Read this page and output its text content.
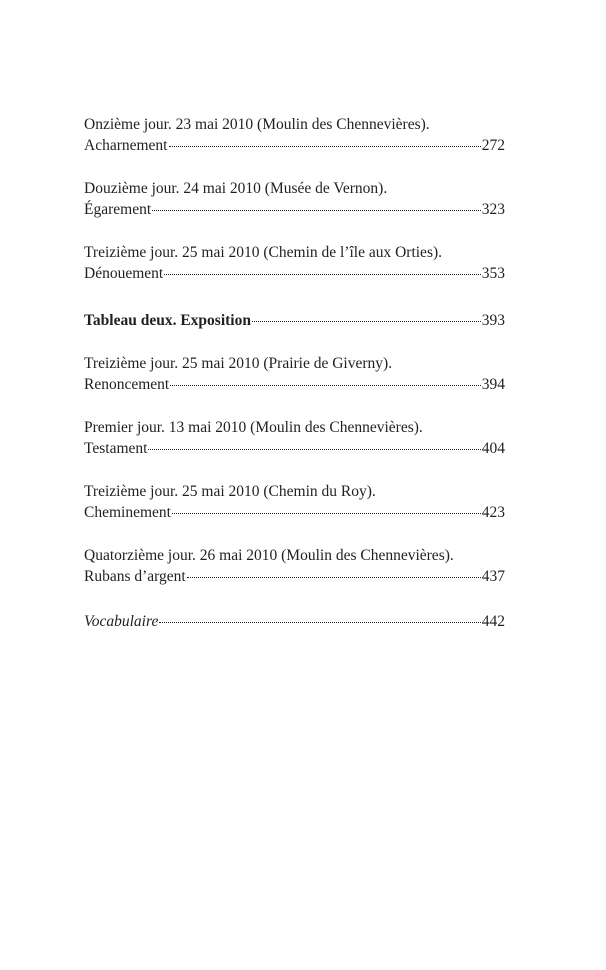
Onzième jour. 23 mai 2010 (Moulin des Chennevières).
Acharnement	272
Douzième jour. 24 mai 2010 (Musée de Vernon).
Égarement	323
Treizième jour. 25 mai 2010 (Chemin de l’île aux Orties).
Dénouement	353
Tableau deux. Exposition	393
Treizième jour. 25 mai 2010 (Prairie de Giverny).
Renoncement	394
Premier jour. 13 mai 2010 (Moulin des Chennevières).
Testament	404
Treizième jour. 25 mai 2010 (Chemin du Roy).
Cheminement	423
Quatorzième jour. 26 mai 2010 (Moulin des Chennevières).
Rubans d’argent	437
Vocabulaire	442
